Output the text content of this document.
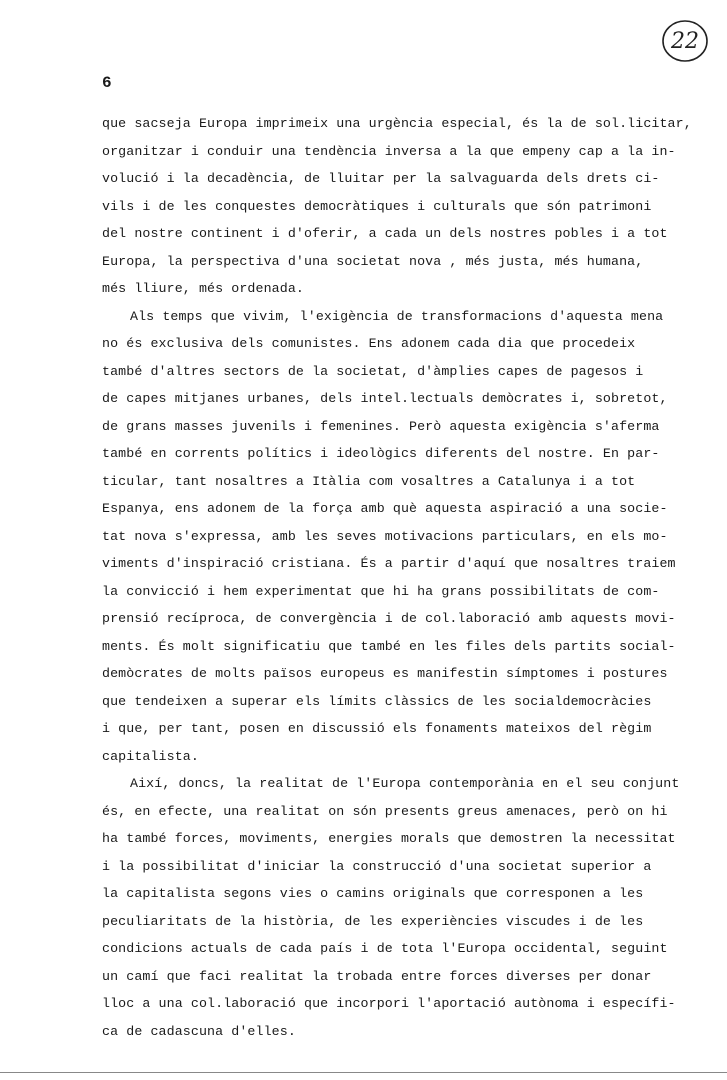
6
22
que sacseja Europa imprimeix una urgència especial, és la de sol.licitar,
organitzar i conduir una tendència inversa a la que empeny cap a la in-
volució i la decadència, de lluitar per la salvaguarda dels drets ci-
vils i de les conquestes democràtiques i culturals que són patrimoni
del nostre continent i d'oferir, a cada un dels nostres pobles i a tot
Europa, la perspectiva d'una societat nova , més justa, més humana,
més lliure, més ordenada.
Als temps que vivim, l'exigència de transformacions d'aquesta mena
no és exclusiva dels comunistes. Ens adonem cada dia que procedeix
també d'altres sectors de la societat, d'àmplies capes de pagesos i
de capes mitjanes urbanes, dels intel.lectuals demòcrates i, sobretot,
de grans masses juvenils i femenines. Però aquesta exigència s'aferma
també en corrents polítics i ideològics diferents del nostre. En par-
ticular, tant nosaltres a Itàlia com vosaltres a Catalunya i a tot
Espanya, ens adonem de la força amb què aquesta aspiració a una socie-
tat nova s'expressa, amb les seves motivacions particulars, en els mo-
viments d'inspiració cristiana. És a partir d'aquí que nosaltres traiem
la convicció i hem experimentat que hi ha grans possibilitats de com-
prensió recíproca, de convergència i de col.laboració amb aquests movi-
ments. És molt significatiu que també en les files dels partits social-
demòcrates de molts països europeus es manifestin símptomes i postures
que tendeixen a superar els límits clàssics de les socialdemocràcies
i que, per tant, posen en discussió els fonaments mateixos del règim
capitalista.
Així, doncs, la realitat de l'Europa contemporània en el seu conjunt
és, en efecte, una realitat on són presents greus amenaces, però on hi
ha també forces, moviments, energies morals que demostren la necessitat
i la possibilitat d'iniciar la construcció d'una societat superior a
la capitalista segons vies o camins originals que corresponen a les
peculiaritats de la història, de les experiències viscudes i de les
condicions actuals de cada país i de tota l'Europa occidental, seguint
un camí que faci realitat la trobada entre forces diverses per donar
lloc a una col.laboració que incorpori l'aportació autònoma i específi-
ca de cadascuna d'elles.
